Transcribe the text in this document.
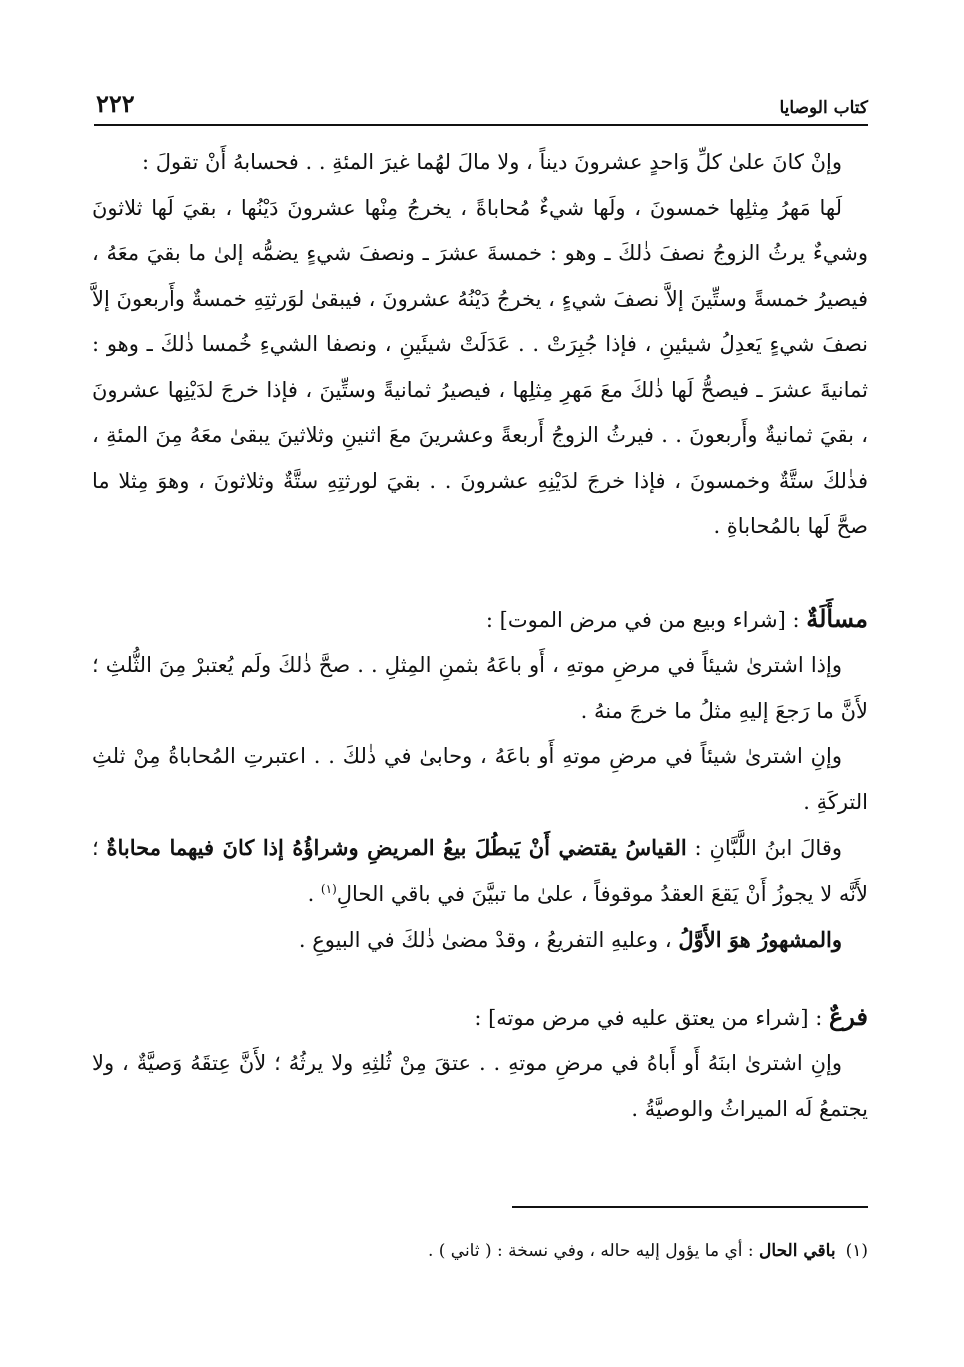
كتاب الوصايا
٢٢٢

وإنْ كانَ علىٰ كلِّ وَاحدٍ عشرونَ ديناً ، ولا مالَ لهُما غيرَ المئةِ . . فحسابهُ أَنْ تقولَ :

لَها مَهرُ مِثلِها خمسونَ ، ولَها شيءٌ مُحاباةً ، يخرجُ مِنْها عشرونَ دَيْنُها ، بقيَ لَها ثلاثونَ وشيءٌ يرثُ الزوجُ نصفَ ذٰلكَ ـ وهو : خمسةَ عشرَ ـ ونصفَ شيءٍ يضمُّه إلىٰ ما بقيَ معَهُ ، فيصيرُ خمسةً وستِّينَ إلاَّ نصفَ شيءٍ ، يخرجُ دَيْنُهُ عشرونَ ، فيبقىٰ لوَرثتِهِ خمسةٌ وأَربعونَ إلاَّ نصفَ شيءٍ يَعدِلُ شيئينِ ، فإذا جُبِرَتْ . . عَدَلَتْ شيئَينِ ، ونصفا الشيءِ خُمسا ذٰلكَ ـ وهو : ثمانيةَ عشرَ ـ فيصحُّ لَها ذٰلكَ معَ مَهرِ مِثلِها ، فيصيرُ ثمانيةً وستِّينَ ، فإذا خرجَ لدَيْنِها عشرونَ ، بقيَ ثمانيةٌ وأَربعونَ . . فيرثُ الزوجُ أَربعةً وعشرينَ معَ اثنينِ وثلاثينَ يبقىٰ معَهُ مِنَ المئةِ ، فذٰلكَ ستَّةٌ وخمسونَ ، فإذا خرجَ لدَيْنِهِ عشرونَ . . بقيَ لورثتِهِ ستَّةٌ وثلاثونَ ، وهوَ مِثلا ما صحَّ لَها بالمُحاباةِ .

مسأَلَةٌ : [شراء وبيع من في مرض الموت] :

وإذا اشترىٰ شيئاً في مرضِ موتهِ ، أَو باعَهُ بثمنِ المِثلِ . . صحَّ ذٰلكَ ولَم يُعتبرْ مِنَ الثُّلثِ ؛ لأَنَّ ما رَجعَ إليهِ مثلُ ما خرجَ منهُ .

وإنِ اشترىٰ شيئاً في مرضِ موتهِ أَو باعَهُ ، وحابىٰ في ذٰلكَ . . اعتبرتِ المُحاباةُ مِنْ ثلثِ التركَةِ .

وقالَ ابنُ اللَّبَّانِ : القياسُ يقتضي أَنْ يَبطُلَ بيعُ المريضِ وشراؤُهُ إذا كانَ فيهما محاباةٌ ؛ لأَنَّه لا يجوزُ أَنْ يَقعَ العقدُ موقوفاً ، علىٰ ما تبيَّنَ في باقي الحالِ$^{(١)}$ .

والمشهورُ هوَ الأَوَّلُ ، وعليهِ التفريعُ ، وقدْ مضىٰ ذٰلكَ في البيوعِ .

فرعٌ : [شراء من يعتق عليه في مرض موته] :

وإنِ اشترىٰ ابنَهُ أَو أَباهُ في مرضِ موتهِ . . عتقَ مِنْ ثُلثِهِ ولا يرثُهُ ؛ لأَنَّ عِتقَهُ وَصيَّةٌ ، ولا يجتمعُ لَه الميراثُ والوصيَّةُ .

(١)باقي الحال : أي ما يؤول إليه حاله ، وفي نسخة : ( ثاني ) .
